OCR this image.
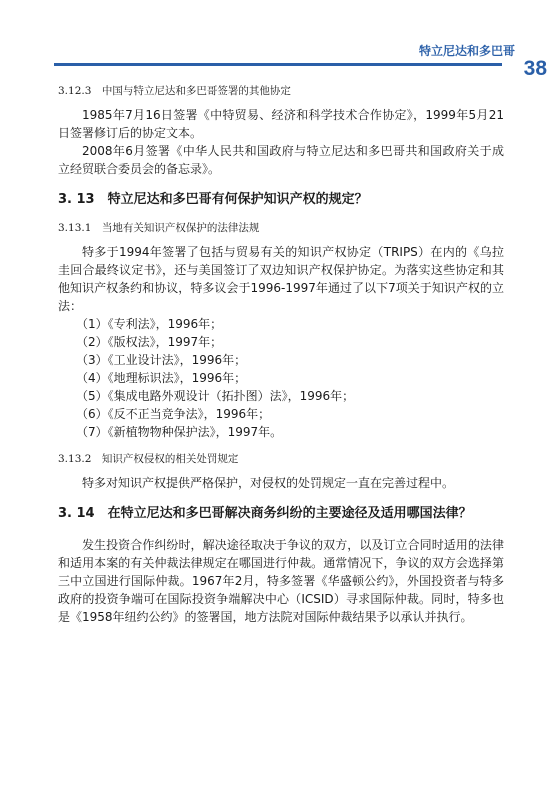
特立尼达和多巴哥
38

3.12.3　中国与特立尼达和多巴哥签署的其他协定

1985年7月16日签署《中特贸易、经济和科学技术合作协定》，1999年5月21日签署修订后的协定文本。

2008年6月签署《中华人民共和国政府与特立尼达和多巴哥共和国政府关于成立经贸联合委员会的备忘录》。

3. 13　特立尼达和多巴哥有何保护知识产权的规定？

3.13.1　当地有关知识产权保护的法律法规

特多于1994年签署了包括与贸易有关的知识产权协定（TRIPS）在内的《乌拉圭回合最终议定书》，还与美国签订了双边知识产权保护协定。为落实这些协定和其他知识产权条约和协议，特多议会于1996-1997年通过了以下7项关于知识产权的立法：

（1）《专利法》，1996年；

（2）《版权法》，1997年；

（3）《工业设计法》，1996年；

（4）《地理标识法》，1996年；

（5）《集成电路外观设计（拓扑图）法》，1996年；

（6）《反不正当竞争法》，1996年；

（7）《新植物物种保护法》，1997年。

3.13.2　知识产权侵权的相关处罚规定

特多对知识产权提供严格保护，对侵权的处罚规定一直在完善过程中。

3. 14　在特立尼达和多巴哥解决商务纠纷的主要途径及适用哪国法律？

发生投资合作纠纷时，解决途径取决于争议的双方，以及订立合同时适用的法律和适用本案的有关仲裁法律规定在哪国进行仲裁。通常情况下，争议的双方会选择第三中立国进行国际仲裁。1967年2月，特多签署《华盛顿公约》，外国投资者与特多政府的投资争端可在国际投资争端解决中心（ICSID）寻求国际仲裁。同时，特多也是《1958年纽约公约》的签署国，地方法院对国际仲裁结果予以承认并执行。
